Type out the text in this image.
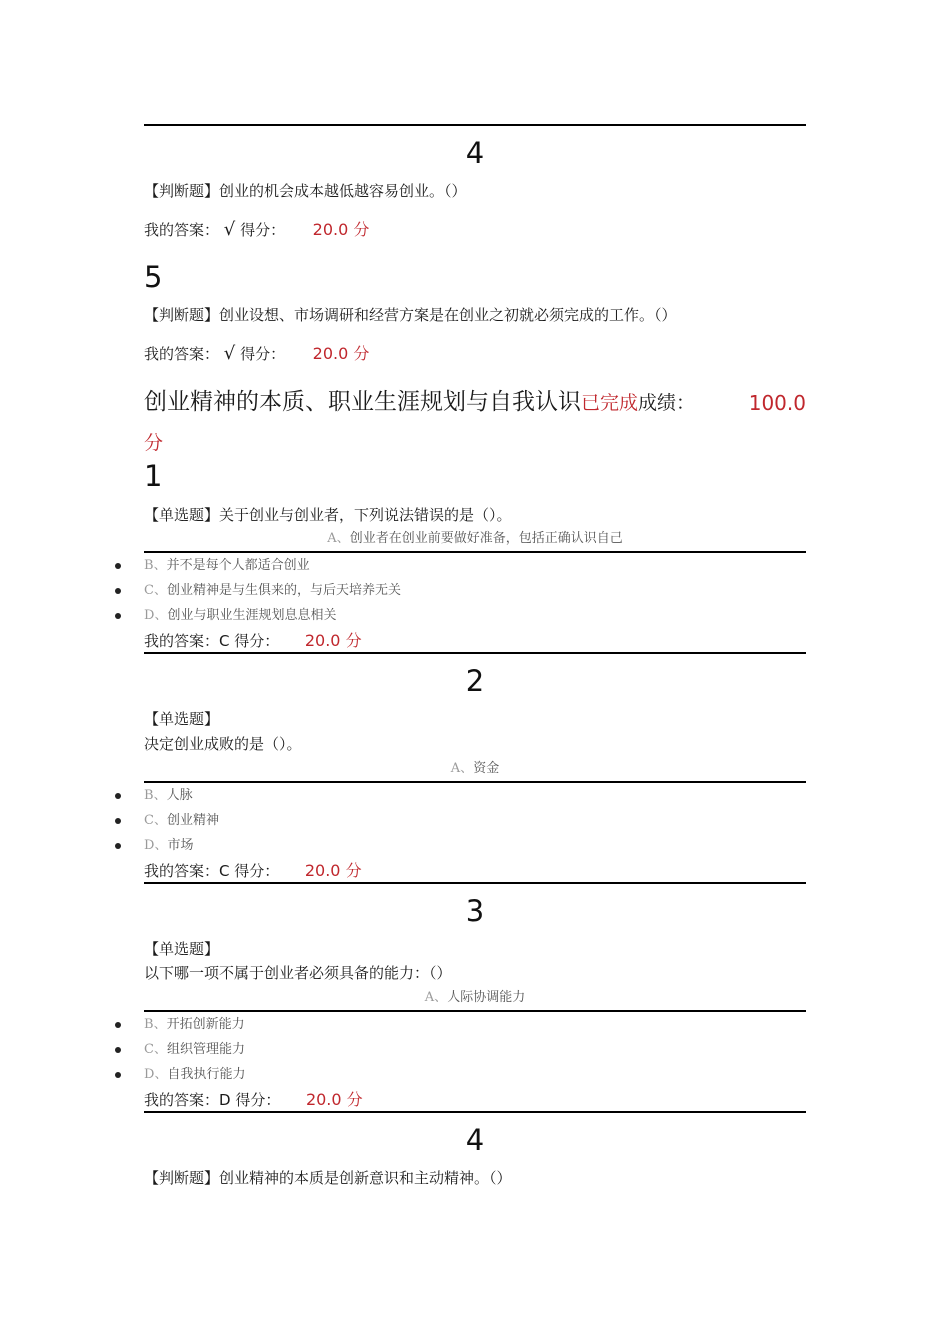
4
【判断题】创业的机会成本越低越容易创业。（）
我的答案： √ 得分： 20.0 分
5
【判断题】创业设想、市场调研和经营方案是在创业之初就必须完成的工作。（）
我的答案： √ 得分： 20.0 分
创业精神的本质、职业生涯规划与自我认识已完成成绩：	100.0
分
1
【单选题】关于创业与创业者，下列说法错误的是（）。
A、创业者在创业前要做好准备，包括正确认识自己
B、并不是每个人都适合创业
C、创业精神是与生俱来的，与后天培养无关
D、创业与职业生涯规划息息相关
我的答案：C 得分： 20.0 分
2
【单选题】
决定创业成败的是（）。
A、资金
B、人脉
C、创业精神
D、市场
我的答案：C 得分： 20.0 分
3
【单选题】
以下哪一项不属于创业者必须具备的能力：（）
A、人际协调能力
B、开拓创新能力
C、组织管理能力
D、自我执行能力
我的答案：D 得分： 20.0 分
4
【判断题】创业精神的本质是创新意识和主动精神。（）
